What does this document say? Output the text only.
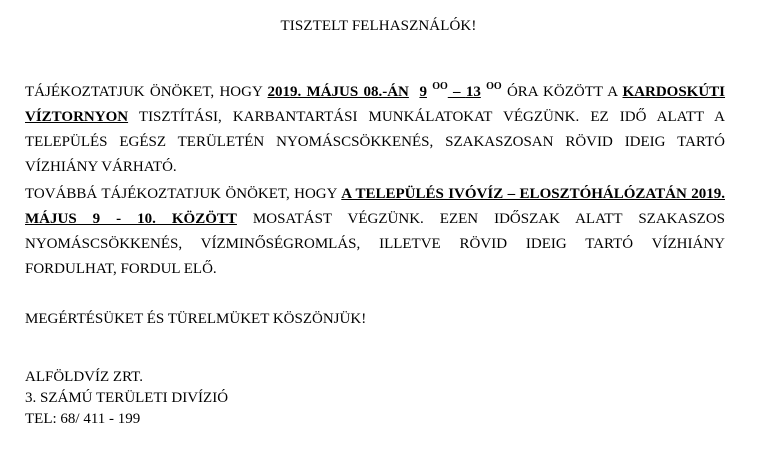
TISZTELT FELHASZNÁLÓK!
TÁJÉKOZTATJUK ÖNÖKET, HOGY 2019. MÁJUS 08.-ÁN 9 $^{OO}$ – 13 $^{OO}$ ÓRA KÖZÖTT A KARDOSKÚTI VÍZTORNYON TISZTÍTÁSI, KARBANTARTÁSI MUNKÁLATOKAT VÉGZÜNK. EZ IDŐ ALATT A TELEPÜLÉS EGÉSZ TERÜLETÉN NYOMÁSCSÖKKENÉS, SZAKASZOSAN RÖVID IDEIG TARTÓ VÍZHIÁNY VÁRHATÓ.
TOVÁBBÁ TÁJÉKOZTATJUK ÖNÖKET, HOGY A TELEPÜLÉS IVÓVÍZ – ELOSZTÓHÁLÓZATÁN 2019. MÁJUS 9 - 10. KÖZÖTT MOSATÁST VÉGZÜNK. EZEN IDŐSZAK ALATT SZAKASZOS NYOMÁSCSÖKKENÉS, VÍZMINŐSÉGROMLÁS, ILLETVE RÖVID IDEIG TARTÓ VÍZHIÁNY FORDULHAT, FORDUL ELŐ.
MEGÉRTÉSÜKET ÉS TÜRELMÜKET KÖSZÖNJÜK!
ALFÖLDVÍZ ZRT.
3. SZÁMÚ TERÜLETI DIVÍZIÓ
TEL: 68/ 411 - 199
